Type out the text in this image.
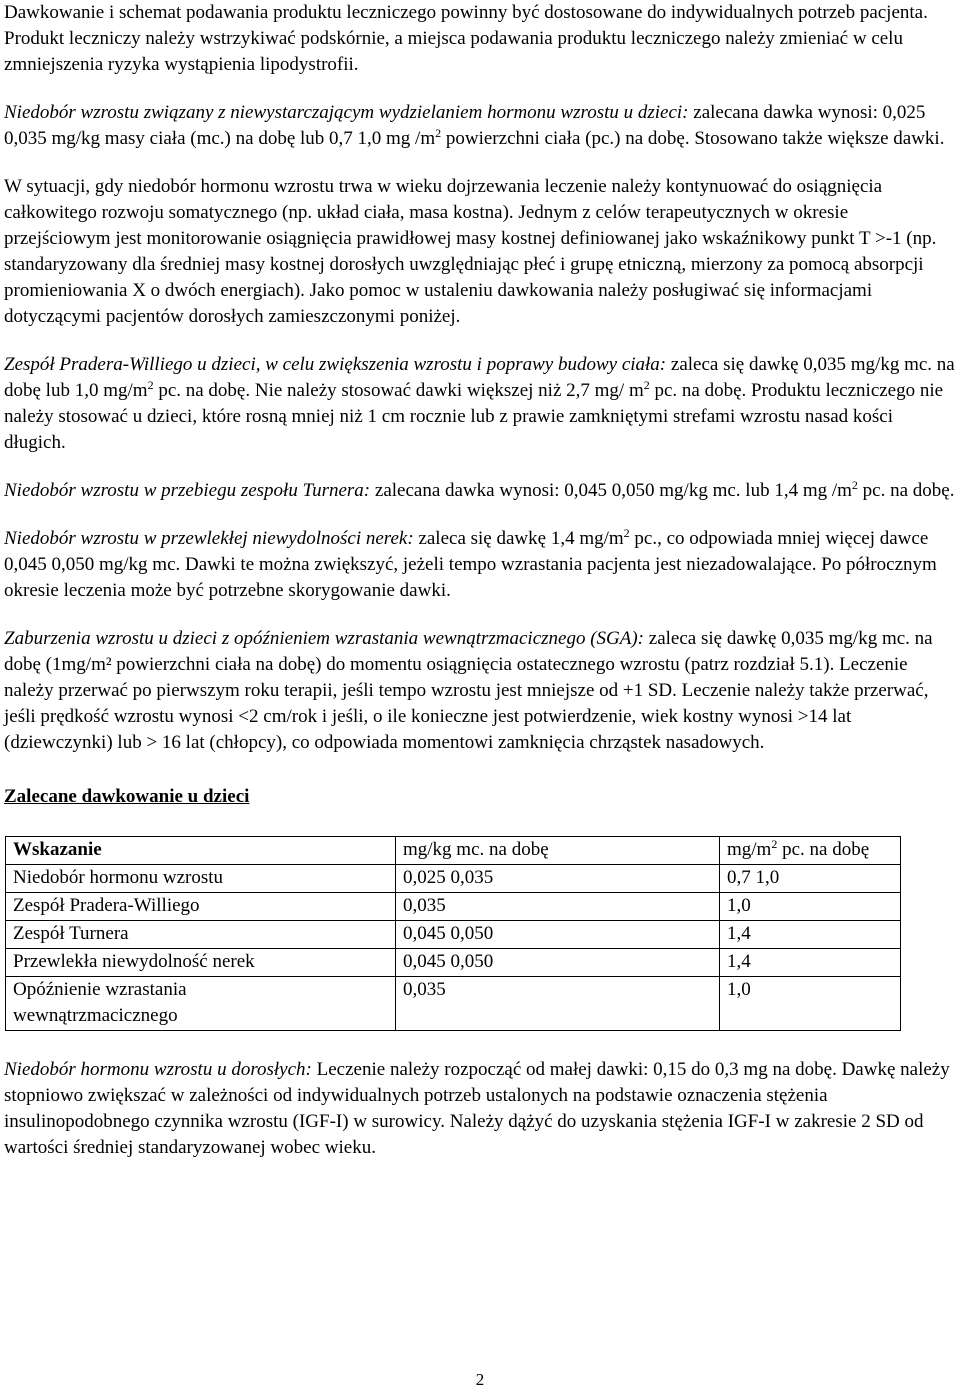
Dawkowanie i schemat podawania produktu leczniczego powinny być dostosowane do indywidualnych potrzeb pacjenta.
Produkt leczniczy należy wstrzykiwać podskórnie, a miejsca podawania produktu leczniczego należy zmieniać w celu zmniejszenia ryzyka wystąpienia lipodystrofii.

Niedobór wzrostu związany z niewystarczającym wydzielaniem hormonu wzrostu u dzieci: zalecana dawka wynosi: 0,025 0,035 mg/kg masy ciała (mc.) na dobę lub 0,7 1,0 mg $/m^2$ powierzchni ciała (pc.) na dobę. Stosowano także większe dawki.

W sytuacji, gdy niedobór hormonu wzrostu trwa w wieku dojrzewania leczenie należy kontynuować do osiągnięcia całkowitego rozwoju somatycznego (np. układ ciała, masa kostna). Jednym z celów terapeutycznych w okresie przejściowym jest monitorowanie osiągnięcia prawidłowej masy kostnej definiowanej jako wskaźnikowy punkt T >-1 (np. standaryzowany dla średniej masy kostnej dorosłych uwzględniając płeć i grupę etniczną, mierzony za pomocą absorpcji promieniowania X o dwóch energiach). Jako pomoc w ustaleniu dawkowania należy posługiwać się informacjami dotyczącymi pacjentów dorosłych zamieszczonymi poniżej.

Zespół Pradera-Williego u dzieci, w celu zwiększenia wzrostu i poprawy budowy ciała: zaleca się dawkę 0,035 mg/kg mc. na dobę lub 1,0 $mg/m^2$ pc. na dobę. Nie należy stosować dawki większej niż 2,7 mg/ $m^2$ pc. na dobę. Produktu leczniczego nie należy stosować u dzieci, które rosną mniej niż 1 cm rocznie lub z prawie zamkniętymi strefami wzrostu nasad kości długich.

Niedobór wzrostu w przebiegu zespołu Turnera: zalecana dawka wynosi: 0,045 0,050 mg/kg mc. lub 1,4 mg $/m^2$ pc. na dobę.

Niedobór wzrostu w przewlekłej niewydolności nerek: zaleca się dawkę 1,4 $mg/m^2$ pc., co odpowiada mniej więcej dawce 0,045 0,050 mg/kg mc. Dawki te można zwiększyć, jeżeli tempo wzrastania pacjenta jest niezadowalające. Po półrocznym okresie leczenia może być potrzebne skorygowanie dawki.

Zaburzenia wzrostu u dzieci z opóźnieniem wzrastania wewnątrzmacicznego (SGA): zaleca się dawkę 0,035 mg/kg mc. na dobę (1mg/m² powierzchni ciała na dobę) do momentu osiągnięcia ostatecznego wzrostu (patrz rozdział 5.1). Leczenie należy przerwać po pierwszym roku terapii, jeśli tempo wzrostu jest mniejsze od +1 SD. Leczenie należy także przerwać, jeśli prędkość wzrostu wynosi <2 cm/rok i jeśli, o ile konieczne jest potwierdzenie, wiek kostny wynosi >14 lat (dziewczynki) lub > 16 lat (chłopcy), co odpowiada momentowi zamknięcia chrząstek nasadowych.

Zalecane dawkowanie u dzieci

Wskazanie	mg/kg mc. na dobę	$mg/m^2$ pc. na dobę
Niedobór hormonu wzrostu	0,025 0,035	0,7 1,0
Zespół Pradera-Williego	0,035	1,0
Zespół Turnera	0,045 0,050	1,4
Przewlekła niewydolność nerek	0,045 0,050	1,4
Opóźnienie wzrastania wewnątrzmacicznego	0,035	1,0

Niedobór hormonu wzrostu u dorosłych: Leczenie należy rozpocząć od małej dawki: 0,15 do 0,3 mg na dobę. Dawkę należy stopniowo zwiększać w zależności od indywidualnych potrzeb ustalonych na podstawie oznaczenia stężenia insulinopodobnego czynnika wzrostu (IGF-I) w surowicy. Należy dążyć do uzyskania stężenia IGF-I w zakresie 2 SD od wartości średniej standaryzowanej wobec wieku.

2
